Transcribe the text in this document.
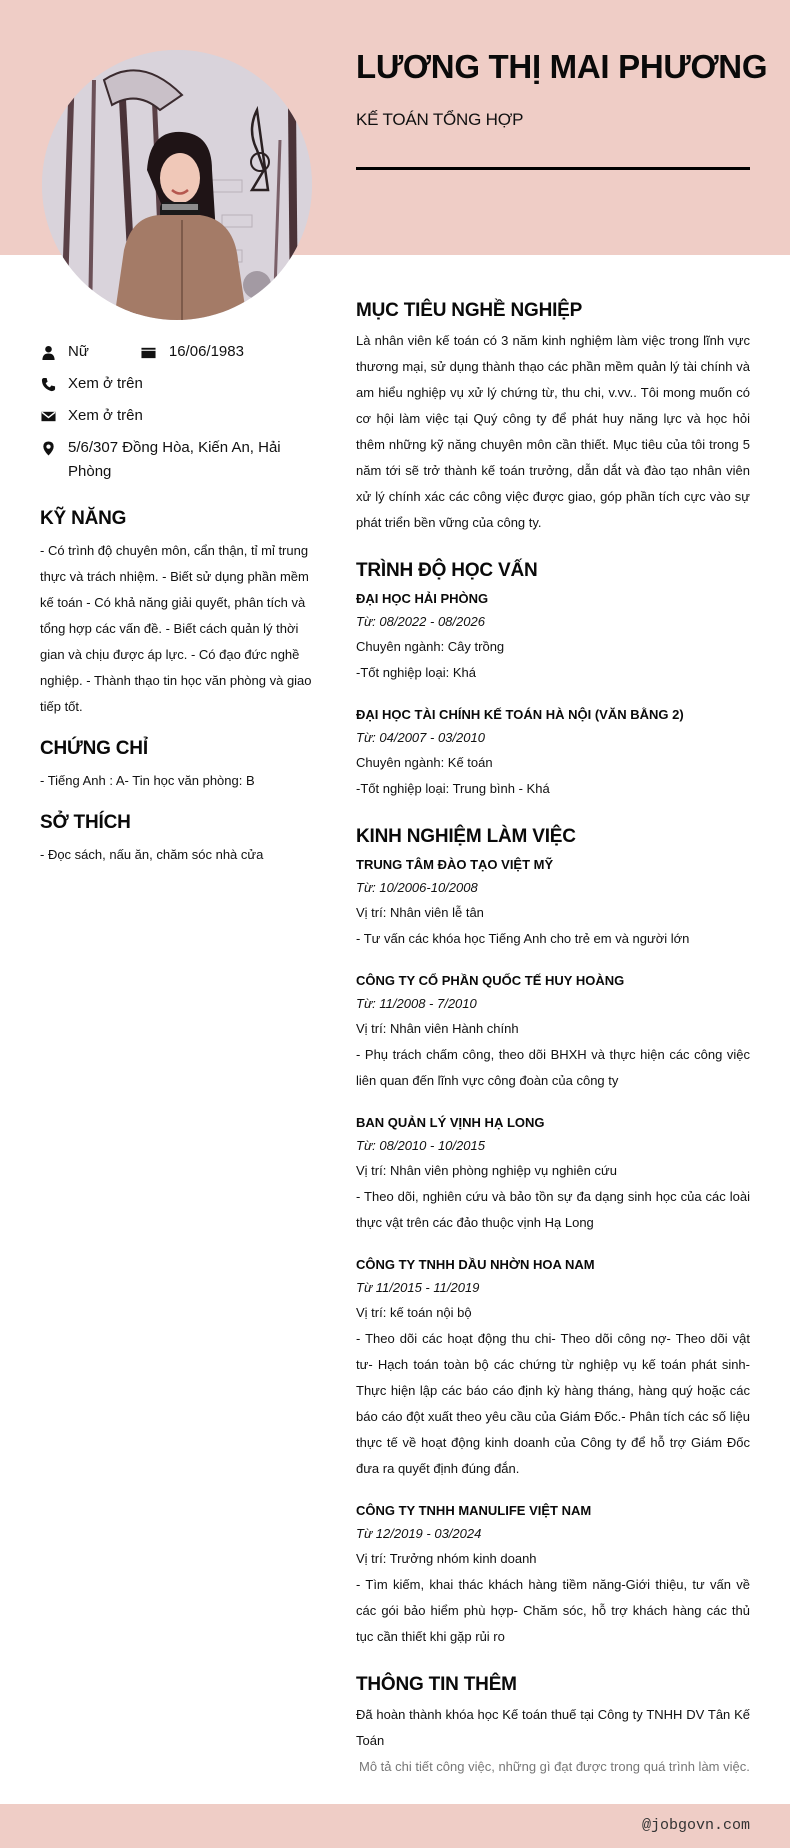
LƯƠNG THỊ MAI PHƯƠNG
KẾ TOÁN TỔNG HỢP
Nữ	16/06/1983
Xem ở trên
Xem ở trên
5/6/307 Đồng Hòa, Kiến An, Hải Phòng
KỸ NĂNG

- Có trình độ chuyên môn, cẩn thận, tỉ mỉ trung thực và trách nhiệm. - Biết sử dụng phần mềm kế toán - Có khả năng giải quyết, phân tích và tổng hợp các vấn đề. - Biết cách quản lý thời gian và chịu được áp lực. - Có đạo đức nghề nghiệp. - Thành thạo tin học văn phòng và giao tiếp tốt.

CHỨNG CHỈ

- Tiếng Anh : A- Tin học văn phòng: B

SỞ THÍCH

- Đọc sách, nấu ăn, chăm sóc nhà cửa

MỤC TIÊU NGHỀ NGHIỆP

Là nhân viên kế toán có 3 năm kinh nghiệm làm việc trong lĩnh vực thương mại, sử dụng thành thạo các phần mềm quản lý tài chính và am hiểu nghiệp vụ xử lý chứng từ, thu chi, v.vv.. Tôi mong muốn có cơ hội làm việc tại Quý công ty để phát huy năng lực và học hỏi thêm những kỹ năng chuyên môn cần thiết. Mục tiêu của tôi trong 5 năm tới sẽ trở thành kế toán trưởng, dẫn dắt và đào tạo nhân viên xử lý chính xác các công việc được giao, góp phần tích cực vào sự phát triển bền vững của công ty.

TRÌNH ĐỘ HỌC VẤN
ĐẠI HỌC HẢI PHÒNG
Từ: 08/2022 - 08/2026
Chuyên ngành: Cây trồng
-Tốt nghiệp loại: Khá
ĐẠI HỌC TÀI CHÍNH KẾ TOÁN HÀ NỘI (VĂN BẰNG 2)
Từ: 04/2007 - 03/2010
Chuyên ngành: Kế toán
-Tốt nghiệp loại: Trung bình - Khá
KINH NGHIỆM LÀM VIỆC
TRUNG TÂM ĐÀO TẠO VIỆT MỸ
Từ: 10/2006-10/2008
Vị trí: Nhân viên lễ tân
- Tư vấn các khóa học Tiếng Anh cho trẻ em và người lớn
CÔNG TY CỔ PHẦN QUỐC TẾ HUY HOÀNG
Từ: 11/2008 - 7/2010
Vị trí: Nhân viên Hành chính
- Phụ trách chấm công, theo dõi BHXH và thực hiện các công việc liên quan đến lĩnh vực công đoàn của công ty
BAN QUẢN LÝ VỊNH HẠ LONG
Từ: 08/2010 - 10/2015
Vị trí: Nhân viên phòng nghiệp vụ nghiên cứu
- Theo dõi, nghiên cứu và bảo tồn sự đa dạng sinh học của các loài thực vật trên các đảo thuộc vịnh Hạ Long
CÔNG TY TNHH DẦU NHỜN HOA NAM
Từ 11/2015 - 11/2019
Vị trí: kế toán nội bộ
- Theo dõi các hoạt động thu chi- Theo dõi công nợ- Theo dõi vật tư- Hạch toán toàn bộ các chứng từ nghiệp vụ kế toán phát sinh- Thực hiện lập các báo cáo định kỳ hàng tháng, hàng quý hoặc các báo cáo đột xuất theo yêu cầu của Giám Đốc.- Phân tích các số liệu thực tế về hoạt động kinh doanh của Công ty để hỗ trợ Giám Đốc đưa ra quyết định đúng đắn.
CÔNG TY TNHH MANULIFE VIỆT NAM
Từ 12/2019 - 03/2024
Vị trí: Trưởng nhóm kinh doanh
- Tìm kiếm, khai thác khách hàng tiềm năng-Giới thiệu, tư vấn về các gói bảo hiểm phù hợp- Chăm sóc, hỗ trợ khách hàng các thủ tục cần thiết khi gặp rủi ro
THÔNG TIN THÊM

Đã hoàn thành khóa học Kế toán thuế tại Công ty TNHH DV Tân Kế Toán

Mô tả chi tiết công việc, những gì đạt được trong quá trình làm việc.
@jobgovn.com
